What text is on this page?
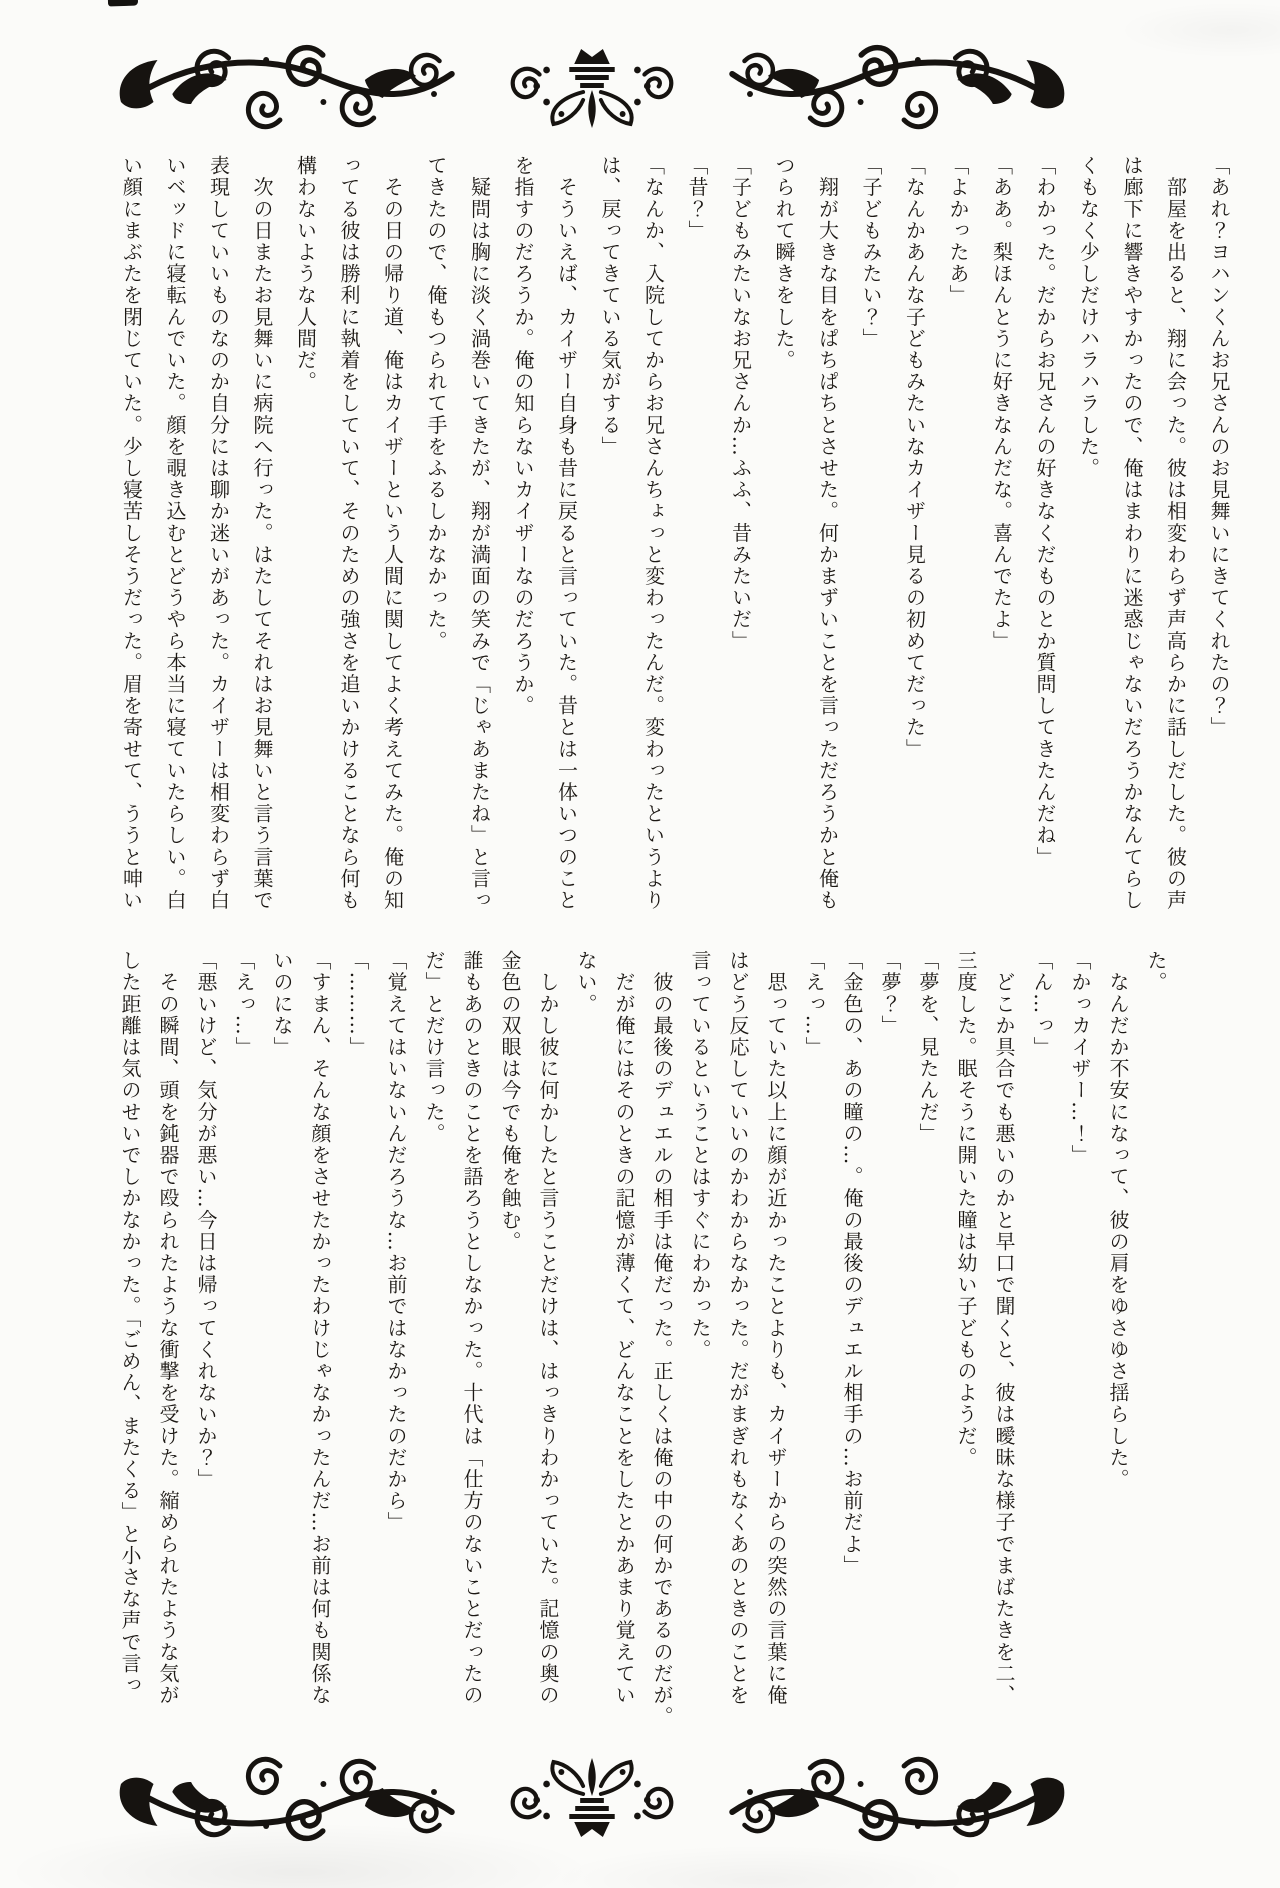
「あれ？ヨハンくんお兄さんのお見舞いにきてくれたの？」

　部屋を出ると、翔に会った。彼は相変わらず声高らかに話しだした。彼の声

は廊下に響きやすかったので、俺はまわりに迷惑じゃないだろうかなんてらし

くもなく少しだけハラハラした。

「わかった。だからお兄さんの好きなくだものとか質問してきたんだね」

「ああ。梨ほんとうに好きなんだな。喜んでたよ」

「よかったあ」

「なんかあんな子どもみたいなカイザー見るの初めてだった」

「子どもみたい？」

　翔が大きな目をぱちぱちとさせた。何かまずいことを言っただろうかと俺も

つられて瞬きをした。

「子どもみたいなお兄さんか…ふふ、昔みたいだ」

「昔？」

「なんか、入院してからお兄さんちょっと変わったんだ。変わったというより

は、戻ってきている気がする」

　そういえば、カイザー自身も昔に戻ると言っていた。昔とは一体いつのこと

を指すのだろうか。俺の知らないカイザーなのだろうか。

　疑問は胸に淡く渦巻いてきたが、翔が満面の笑みで「じゃあまたね」と言っ

てきたので、俺もつられて手をふるしかなかった。

　その日の帰り道、俺はカイザーという人間に関してよく考えてみた。俺の知

ってる彼は勝利に執着をしていて、そのための強さを追いかけることなら何も

構わないような人間だ。

　次の日またお見舞いに病院へ行った。はたしてそれはお見舞いと言う言葉で

表現していいものなのか自分には聊か迷いがあった。カイザーは相変わらず白

いベッドに寝転んでいた。顔を覗き込むとどうやら本当に寝ていたらしい。白

い顔にまぶたを閉じていた。少し寝苦しそうだった。眉を寄せて、ううと呻い

た。

　なんだか不安になって、彼の肩をゆさゆさ揺らした。

「かっカイザー…！」

「ん…っ」

　どこか具合でも悪いのかと早口で聞くと、彼は曖昧な様子でまばたきを二、

三度した。眠そうに開いた瞳は幼い子どものようだ。

「夢を、見たんだ」

「夢？」

「金色の、あの瞳の…。俺の最後のデュエル相手の…お前だよ」

「えっ…」

　思っていた以上に顔が近かったことよりも、カイザーからの突然の言葉に俺

はどう反応していいのかわからなかった。だがまぎれもなくあのときのことを

言っているということはすぐにわかった。

　彼の最後のデュエルの相手は俺だった。正しくは俺の中の何かであるのだが。

　だが俺にはそのときの記憶が薄くて、どんなことをしたとかあまり覚えてい

ない。

　しかし彼に何かしたと言うことだけは、はっきりわかっていた。記憶の奥の

金色の双眼は今でも俺を蝕む。

誰もあのときのことを語ろうとしなかった。十代は「仕方のないことだったの

だ」とだけ言った。

「覚えてはいないんだろうな…お前ではなかったのだから」

「………」

「すまん、そんな顔をさせたかったわけじゃなかったんだ…お前は何も関係な

いのにな」

「えっ…」

「悪いけど、気分が悪い…今日は帰ってくれないか？」

　その瞬間、頭を鈍器で殴られたような衝撃を受けた。縮められたような気が

した距離は気のせいでしかなかった。「ごめん、またくる」と小さな声で言っ
